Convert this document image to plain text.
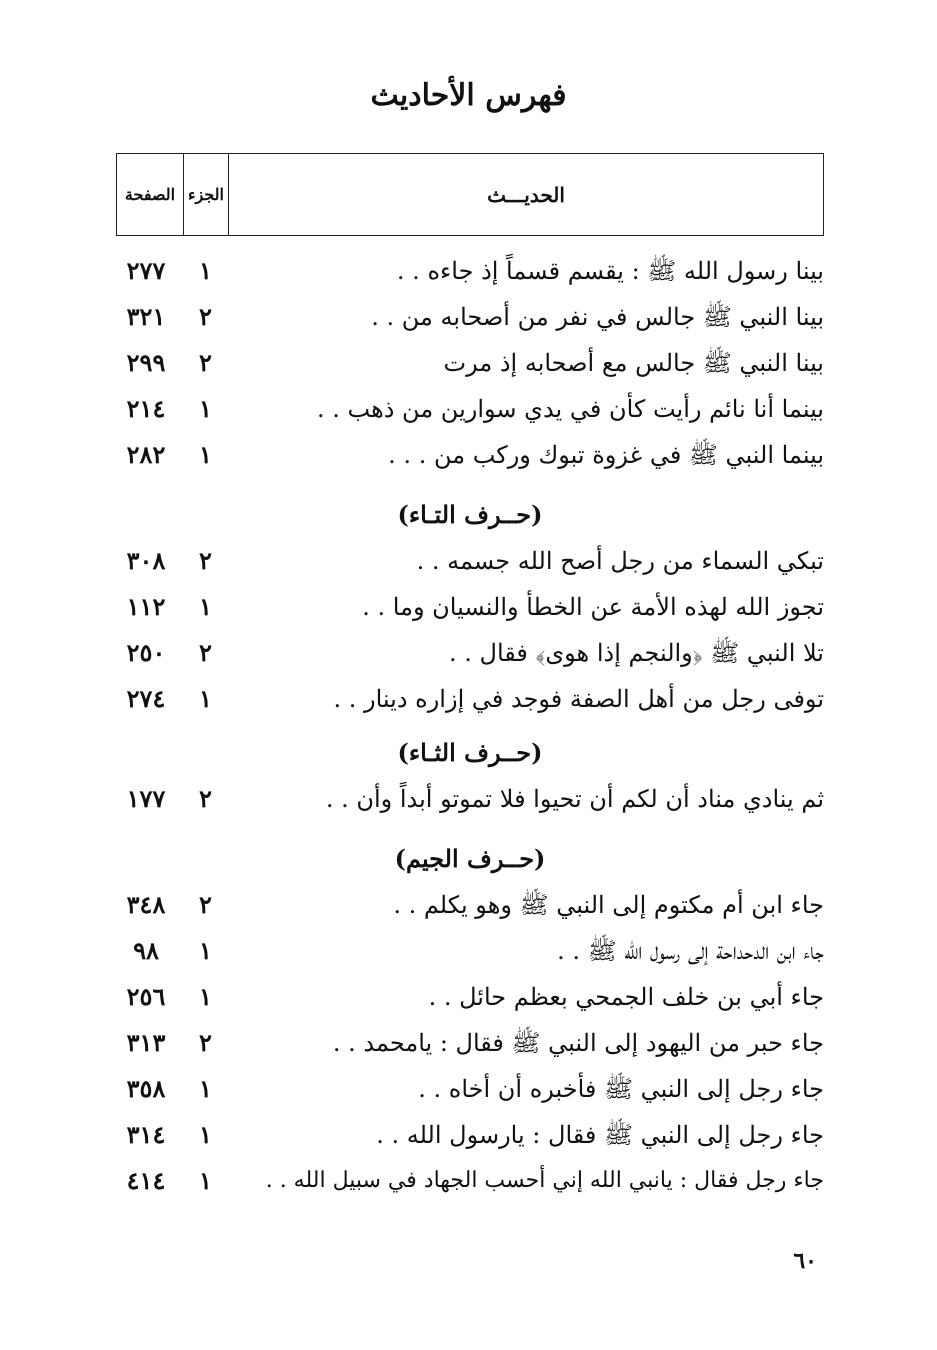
فهرس الأحاديث
الصفحة الجزء	الحديـــث
بينا رسول الله ﷺ : يقسم قسماً إذ جاءه . .
١
٢٧٧
بينا النبي ﷺ جالس في نفر من أصحابه من . .
٢
٣٢١
بينا النبي ﷺ جالس مع أصحابه إذ مرت
٢
٢٩٩
بينما أنا نائم رأيت كأن في يدي سوارين من ذهب . .
١
٢١٤
بينما النبي ﷺ في غزوة تبوك وركب من . . .
١
٢٨٢
(حــرف التـاء)
تبكي السماء من رجل أصح الله جسمه . .
٢
٣٠٨
تجوز الله لهذه الأمة عن الخطأ والنسيان وما . .
١
١١٢
تلا النبي ﷺ ﴿والنجم إذا هوى﴾ فقال . .
٢
٢٥٠
توفى رجل من أهل الصفة فوجد في إزاره دينار . .
١
٢٧٤
(حــرف الثـاء)
ثم ينادي مناد أن لكم أن تحيوا فلا تموتو أبداً وأن . .
٢
١٧٧
(حــرف الجيم)
جاء ابن أم مكتوم إلى النبي ﷺ وهو يكلم . .
٢
٣٤٨
جاء ابن الدحداحة إلى رسول الله ﷺ . .
١
٩٨
جاء أبي بن خلف الجمحي بعظم حائل . .
١
٢٥٦
جاء حبر من اليهود إلى النبي ﷺ فقال : يامحمد . .
٢
٣١٣
جاء رجل إلى النبي ﷺ فأخبره أن أخاه . .
١
٣٥٨
جاء رجل إلى النبي ﷺ فقال : يارسول الله . .
١
٣١٤
جاء رجل فقال : يانبي الله إني أحسب الجهاد في سبيل الله . .
١
٤١٤
٦٠
